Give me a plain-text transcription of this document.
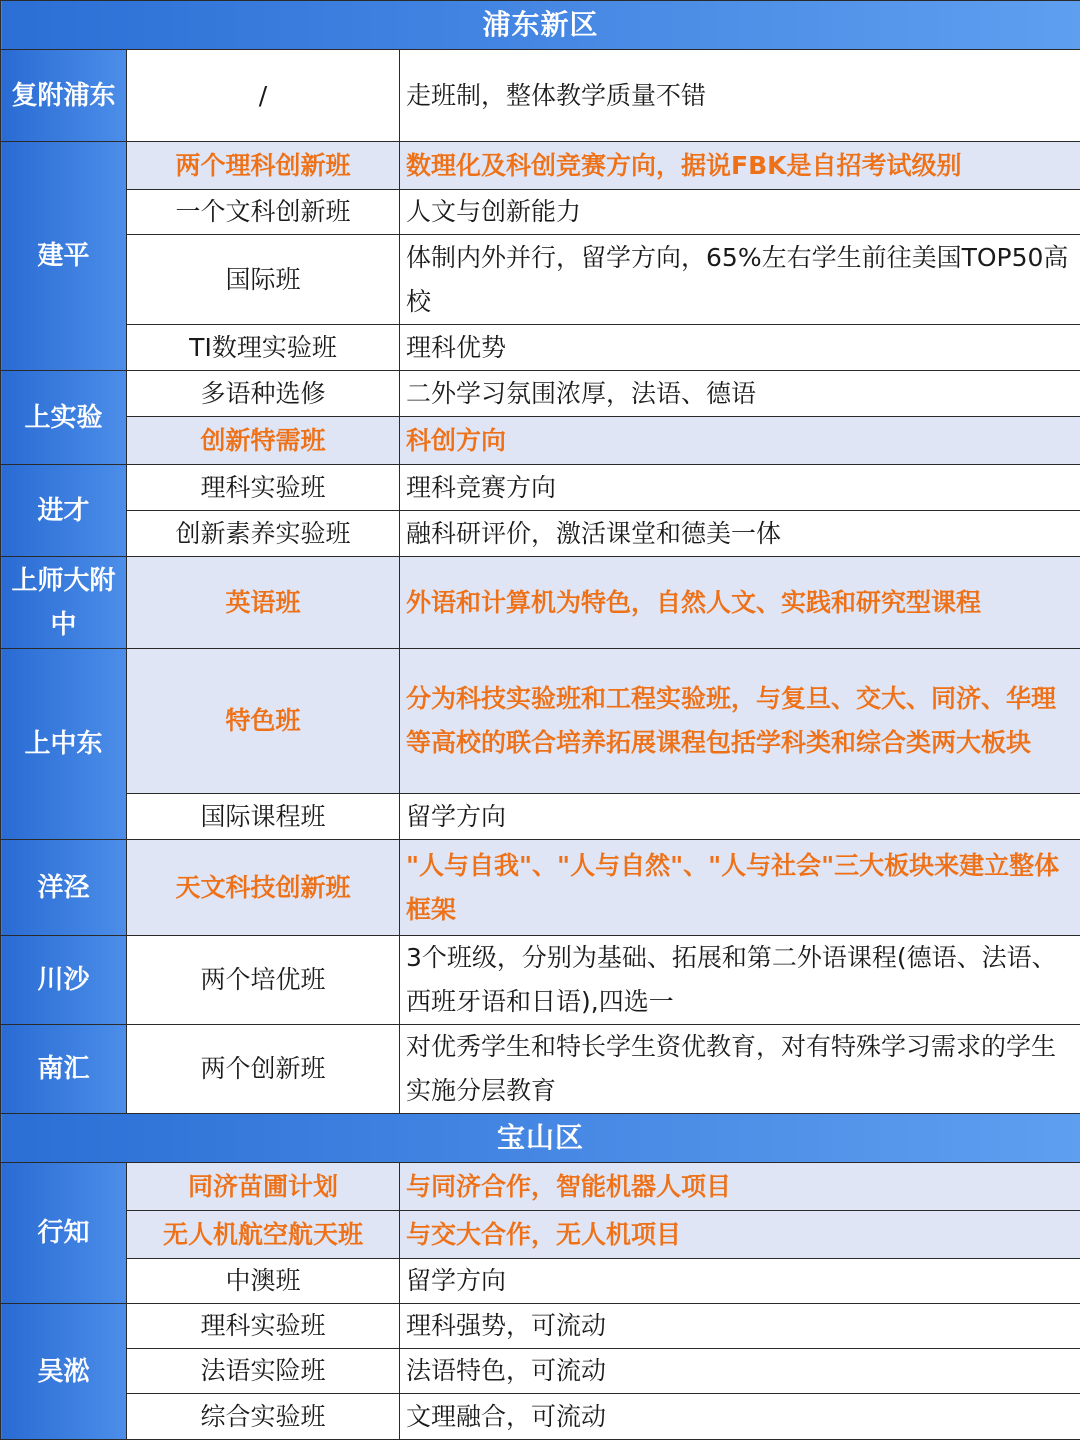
浦东新区		
复附浦东	/	走班制，整体教学质量不错
建平	两个理科创新班	数理化及科创竞赛方向，据说FBK是自招考试级别
	一个文科创新班	人文与创新能力
	国际班	体制内外并行，留学方向，65%左右学生前往美国TOP50高校
	TI数理实验班	理科优势
上实验	多语种选修	二外学习氛围浓厚，法语、德语
	创新特需班	科创方向
进才	理科实验班	理科竞赛方向
	创新素养实验班	融科研评价，激活课堂和德美一体
上师大附中	英语班	外语和计算机为特色，自然人文、实践和研究型课程
上中东	特色班	分为科技实验班和工程实验班，与复旦、交大、同济、华理等高校的联合培养拓展课程包括学科类和综合类两大板块
	国际课程班	留学方向
洋泾	天文科技创新班	"人与自我"、"人与自然"、"人与社会"三大板块来建立整体框架
川沙	两个培优班	3个班级，分别为基础、拓展和第二外语课程(德语、法语、西班牙语和日语),四选一
南汇	两个创新班	对优秀学生和特长学生资优教育，对有特殊学习需求的学生实施分层教育
宝山区		
行知	同济苗圃计划	与同济合作，智能机器人项目
	无人机航空航天班	与交大合作，无人机项目
	中澳班	留学方向
吴淞	理科实验班	理科强势，可流动
	法语实险班	法语特色，可流动
	综合实验班	文理融合，可流动
